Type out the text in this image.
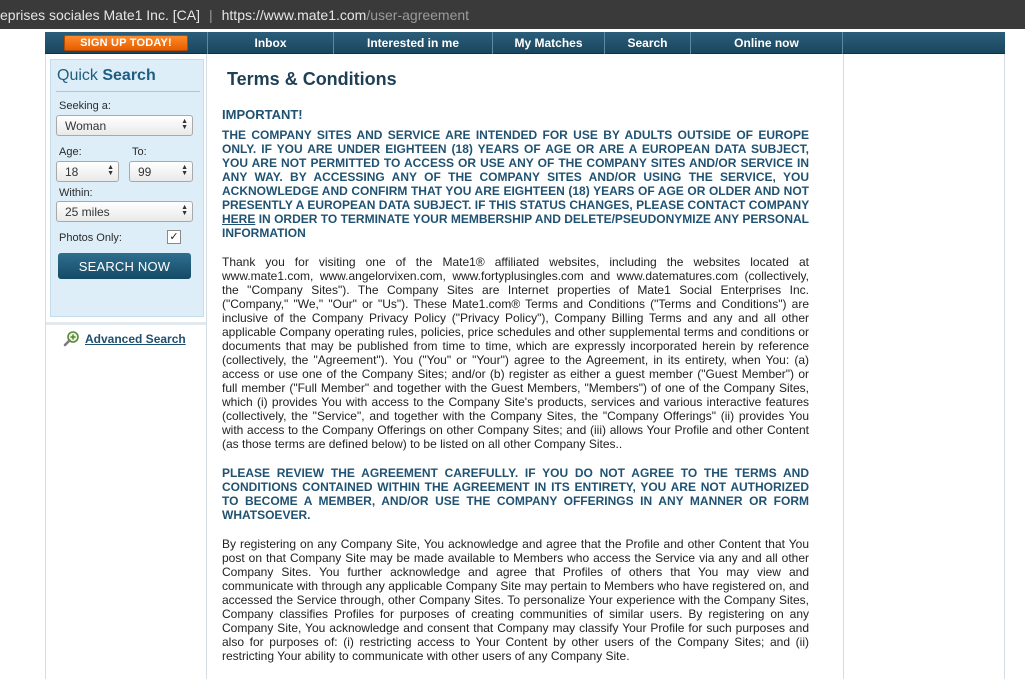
eprises sociales Mate1 Inc. [CA] | https://www.mate1.com /user-agreement
SIGN UP TODAY!	Inbox	Interested in me	My Matches	Search	Online now
Quick Search
Seeking a:
Woman	▲
▼
Age:	To:
18	▲
▼ 99	▲
▼
Within:
25 miles	▲
▼
Photos Only:	✓
SEARCH NOW
Advanced Search
Terms & Conditions
IMPORTANT!
THE COMPANY SITES AND SERVICE ARE INTENDED FOR USE BY ADULTS OUTSIDE OF EUROPE ONLY. IF YOU ARE UNDER EIGHTEEN (18) YEARS OF AGE OR ARE A EUROPEAN DATA SUBJECT, YOU ARE NOT PERMITTED TO ACCESS OR USE ANY OF THE COMPANY SITES AND/OR SERVICE IN ANY WAY. BY ACCESSING ANY OF THE COMPANY SITES AND/OR USING THE SERVICE, YOU ACKNOWLEDGE AND CONFIRM THAT YOU ARE EIGHTEEN (18) YEARS OF AGE OR OLDER AND NOT PRESENTLY A EUROPEAN DATA SUBJECT. IF THIS STATUS CHANGES, PLEASE CONTACT COMPANY HERE IN ORDER TO TERMINATE YOUR MEMBERSHIP AND DELETE/PSEUDONYMIZE ANY PERSONAL INFORMATION
Thank you for visiting one of the Mate1® affiliated websites, including the websites located at www.mate1.com, www.angelorvixen.com, www.fortyplusingles.com and www.datematures.com (collectively, the "Company Sites"). The Company Sites are Internet properties of Mate1 Social Enterprises Inc. ("Company," "We," "Our" or "Us"). These Mate1.com® Terms and Conditions ("Terms and Conditions") are inclusive of the Company Privacy Policy ("Privacy Policy"), Company Billing Terms and any and all other applicable Company operating rules, policies, price schedules and other supplemental terms and conditions or documents that may be published from time to time, which are expressly incorporated herein by reference (collectively, the "Agreement"). You ("You" or "Your") agree to the Agreement, in its entirety, when You: (a) access or use one of the Company Sites; and/or (b) register as either a guest member ("Guest Member") or full member ("Full Member" and together with the Guest Members, "Members") of one of the Company Sites, which (i) provides You with access to the Company Site's products, services and various interactive features (collectively, the "Service", and together with the Company Sites, the "Company Offerings" (ii) provides You with access to the Company Offerings on other Company Sites; and (iii) allows Your Profile and other Content (as those terms are defined below) to be listed on all other Company Sites..
PLEASE REVIEW THE AGREEMENT CAREFULLY. IF YOU DO NOT AGREE TO THE TERMS AND CONDITIONS CONTAINED WITHIN THE AGREEMENT IN ITS ENTIRETY, YOU ARE NOT AUTHORIZED TO BECOME A MEMBER, AND/OR USE THE COMPANY OFFERINGS IN ANY MANNER OR FORM WHATSOEVER.
By registering on any Company Site, You acknowledge and agree that the Profile and other Content that You post on that Company Site may be made available to Members who access the Service via any and all other Company Sites. You further acknowledge and agree that Profiles of others that You may view and communicate with through any applicable Company Site may pertain to Members who have registered on, and accessed the Service through, other Company Sites. To personalize Your experience with the Company Sites, Company classifies Profiles for purposes of creating communities of similar users. By registering on any Company Site, You acknowledge and consent that Company may classify Your Profile for such purposes and also for purposes of: (i) restricting access to Your Content by other users of the Company Sites; and (ii) restricting Your ability to communicate with other users of any Company Site.
